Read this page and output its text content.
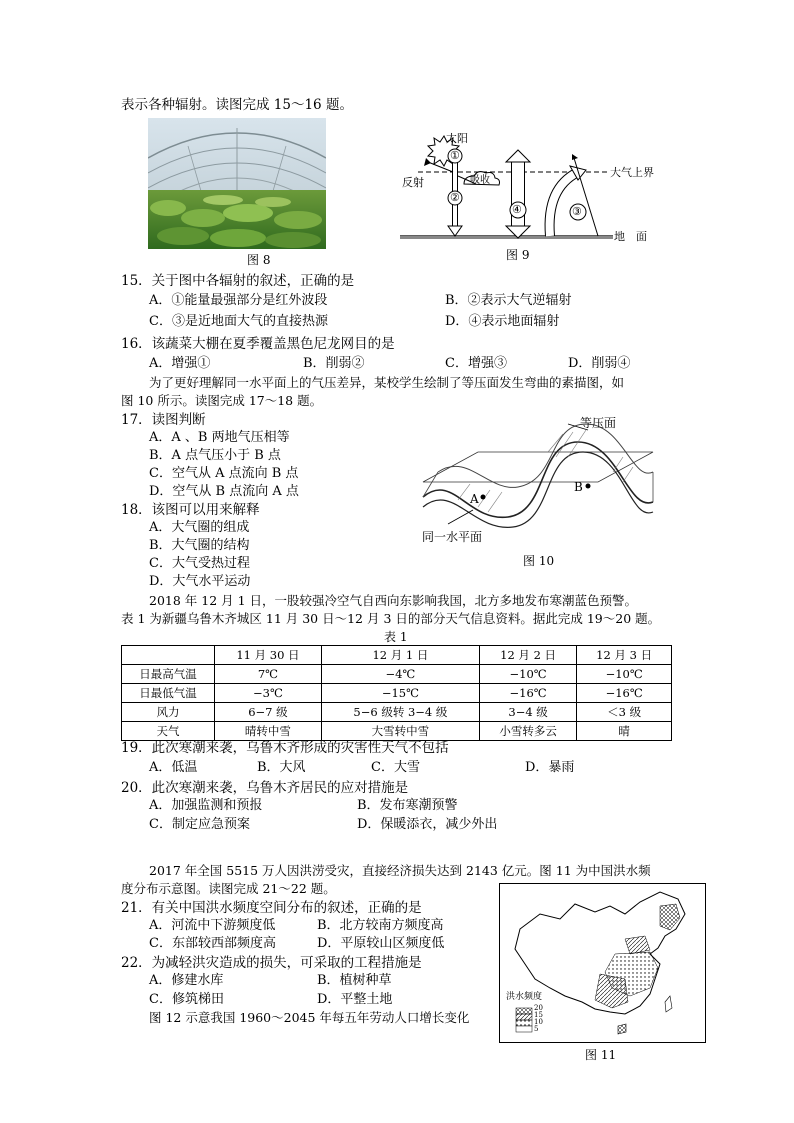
表示各种辐射。读图完成 15～16 题。
图 8
太阳
①
②
④	③
反射	吸收
大气上界
地　面
图 9
15．关于图中各辐射的叙述，正确的是
A．①能量最强部分是红外波段	B．②表示大气逆辐射
C．③是近地面大气的直接热源	D．④表示地面辐射
16．该蔬菜大棚在夏季覆盖黑色尼龙网目的是
A．增强①	B．削弱②	C．增强③	D．削弱④
为了更好理解同一水平面上的气压差异，某校学生绘制了等压面发生弯曲的素描图，如
图 10 所示。读图完成 17～18 题。
17．读图判断
A．A 、B 两地气压相等
B．A 点气压小于 B 点
C．空气从 A 点流向 B 点
D．空气从 B 点流向 A 点
18．该图可以用来解释
A．大气圈的组成
B．大气圈的结构
C．大气受热过程
D．大气水平运动
等压面
A
B
同一水平面
图 10
2018 年 12 月 1 日，一股较强冷空气自西向东影响我国，北方多地发布寒潮蓝色预警。
表 1 为新疆乌鲁木齐城区 11 月 30 日～12 月 3 日的部分天气信息资料。据此完成 19～20 题。
表 1
	11 月 30 日	12 月 1 日	12 月 2 日	12 月 3 日
日最高气温	7℃	−4℃	−10℃	−10℃
日最低气温	−3℃	−15℃	−16℃	−16℃
风力	6−7 级	5−6 级转 3−4 级	3−4 级	＜3 级
天气	晴转中雪	大雪转中雪	小雪转多云	晴
19．此次寒潮来袭，乌鲁木齐形成的灾害性天气不包括
A．低温	B．大风	C．大雪	D．暴雨
20．此次寒潮来袭，乌鲁木齐居民的应对措施是
A．加强监测和预报	B．发布寒潮预警
C．制定应急预案	D．保暖添衣，减少外出
2017 年全国 5515 万人因洪涝受灾，直接经济损失达到 2143 亿元。图 11 为中国洪水频
度分布示意图。读图完成 21～22 题。
21．有关中国洪水频度空间分布的叙述，正确的是
A．河流中下游频度低	B．北方较南方频度高
C．东部较西部频度高	D．平原较山区频度低
22．为减轻洪灾造成的损失，可采取的工程措施是
A．修建水库	B．植树种草
C．修筑梯田	D．平整土地
图 12 示意我国 1960～2045 年每五年劳动人口增长变化
洪水频度
20
15
10
5
图 11
